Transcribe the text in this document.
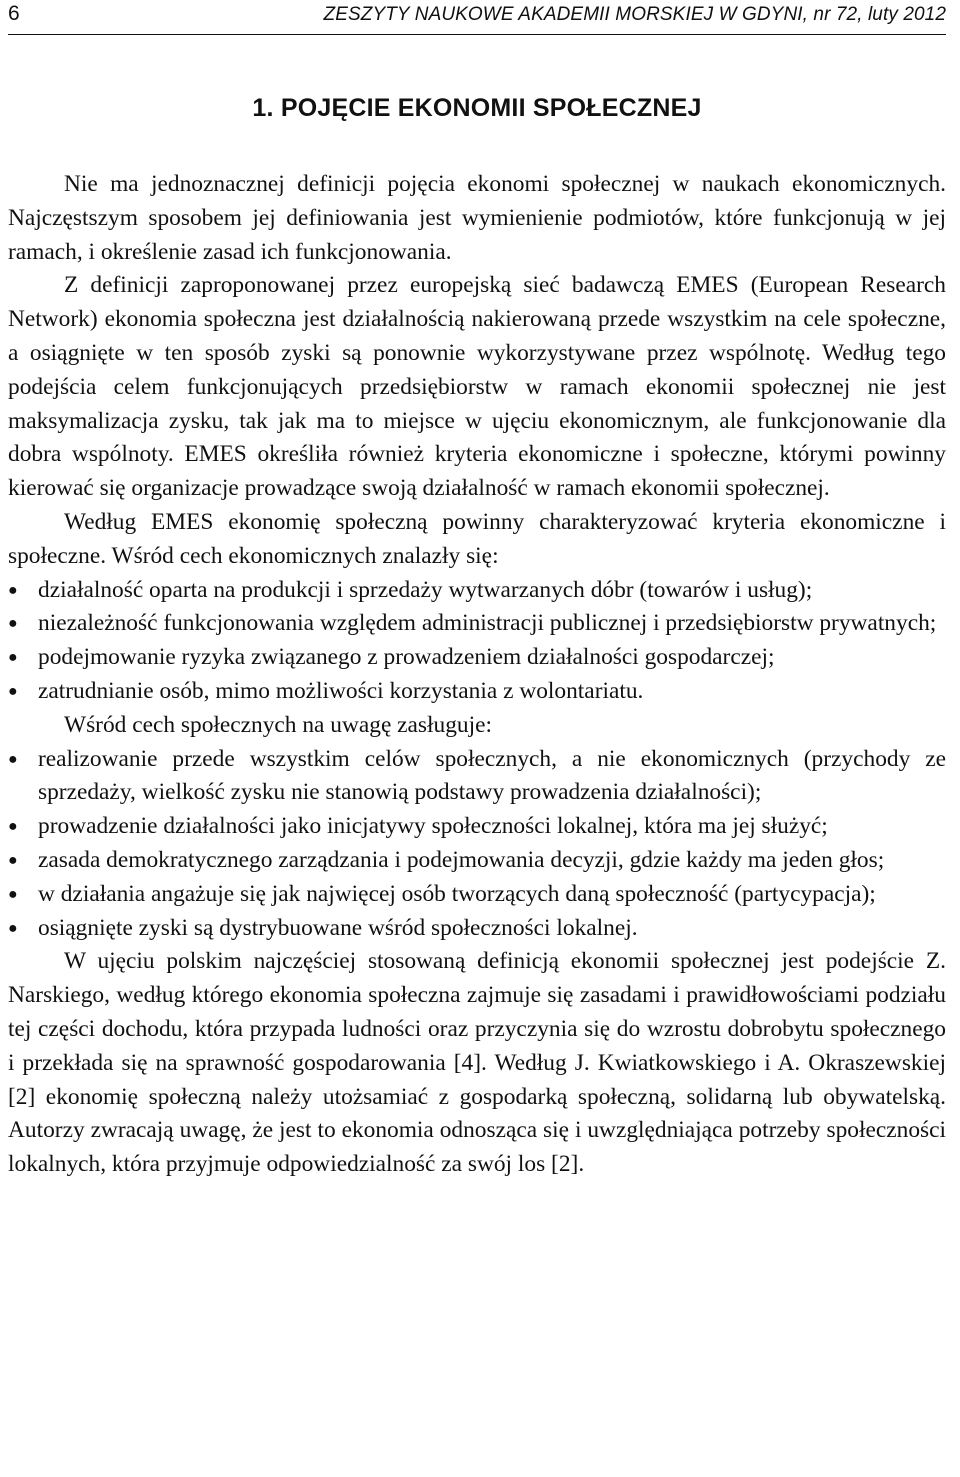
6	ZESZYTY NAUKOWE AKADEMII MORSKIEJ W GDYNI, nr 72, luty 2012
1. POJĘCIE EKONOMII SPOŁECZNEJ

Nie ma jednoznacznej definicji pojęcia ekonomi społecznej w naukach ekonomicznych. Najczęstszym sposobem jej definiowania jest wymienienie podmiotów, które funkcjonują w jej ramach, i określenie zasad ich funkcjonowania.

Z definicji zaproponowanej przez europejską sieć badawczą EMES (European Research Network) ekonomia społeczna jest działalnością nakierowaną przede wszystkim na cele społeczne, a osiągnięte w ten sposób zyski są ponownie wykorzystywane przez wspólnotę. Według tego podejścia celem funkcjonujących przedsiębiorstw w ramach ekonomii społecznej nie jest maksymalizacja zysku, tak jak ma to miejsce w ujęciu ekonomicznym, ale funkcjonowanie dla dobra wspólnoty. EMES określiła również kryteria ekonomiczne i społeczne, którymi powinny kierować się organizacje prowadzące swoją działalność w ramach ekonomii społecznej.

Według EMES ekonomię społeczną powinny charakteryzować kryteria ekonomiczne i społeczne. Wśród cech ekonomicznych znalazły się:

● działalność oparta na produkcji i sprzedaży wytwarzanych dóbr (towarów i usług);
● niezależność funkcjonowania względem administracji publicznej i przedsiębiorstw prywatnych;
● podejmowanie ryzyka związanego z prowadzeniem działalności gospodarczej;
● zatrudnianie osób, mimo możliwości korzystania z wolontariatu.

Wśród cech społecznych na uwagę zasługuje:

● realizowanie przede wszystkim celów społecznych, a nie ekonomicznych (przychody ze sprzedaży, wielkość zysku nie stanowią podstawy prowadzenia działalności);
● prowadzenie działalności jako inicjatywy społeczności lokalnej, która ma jej służyć;
● zasada demokratycznego zarządzania i podejmowania decyzji, gdzie każdy ma jeden głos;
● w działania angażuje się jak najwięcej osób tworzących daną społeczność (partycypacja);
● osiągnięte zyski są dystrybuowane wśród społeczności lokalnej.

W ujęciu polskim najczęściej stosowaną definicją ekonomii społecznej jest podejście Z. Narskiego, według którego ekonomia społeczna zajmuje się zasadami i prawidłowościami podziału tej części dochodu, która przypada ludności oraz przyczynia się do wzrostu dobrobytu społecznego i przekłada się na sprawność gospodarowania [4]. Według J. Kwiatkowskiego i A. Okraszewskiej [2] ekonomię społeczną należy utożsamiać z gospodarką społeczną, solidarną lub obywatelską. Autorzy zwracają uwagę, że jest to ekonomia odnosząca się i uwzględniająca potrzeby społeczności lokalnych, która przyjmuje odpowiedzialność za swój los [2].
